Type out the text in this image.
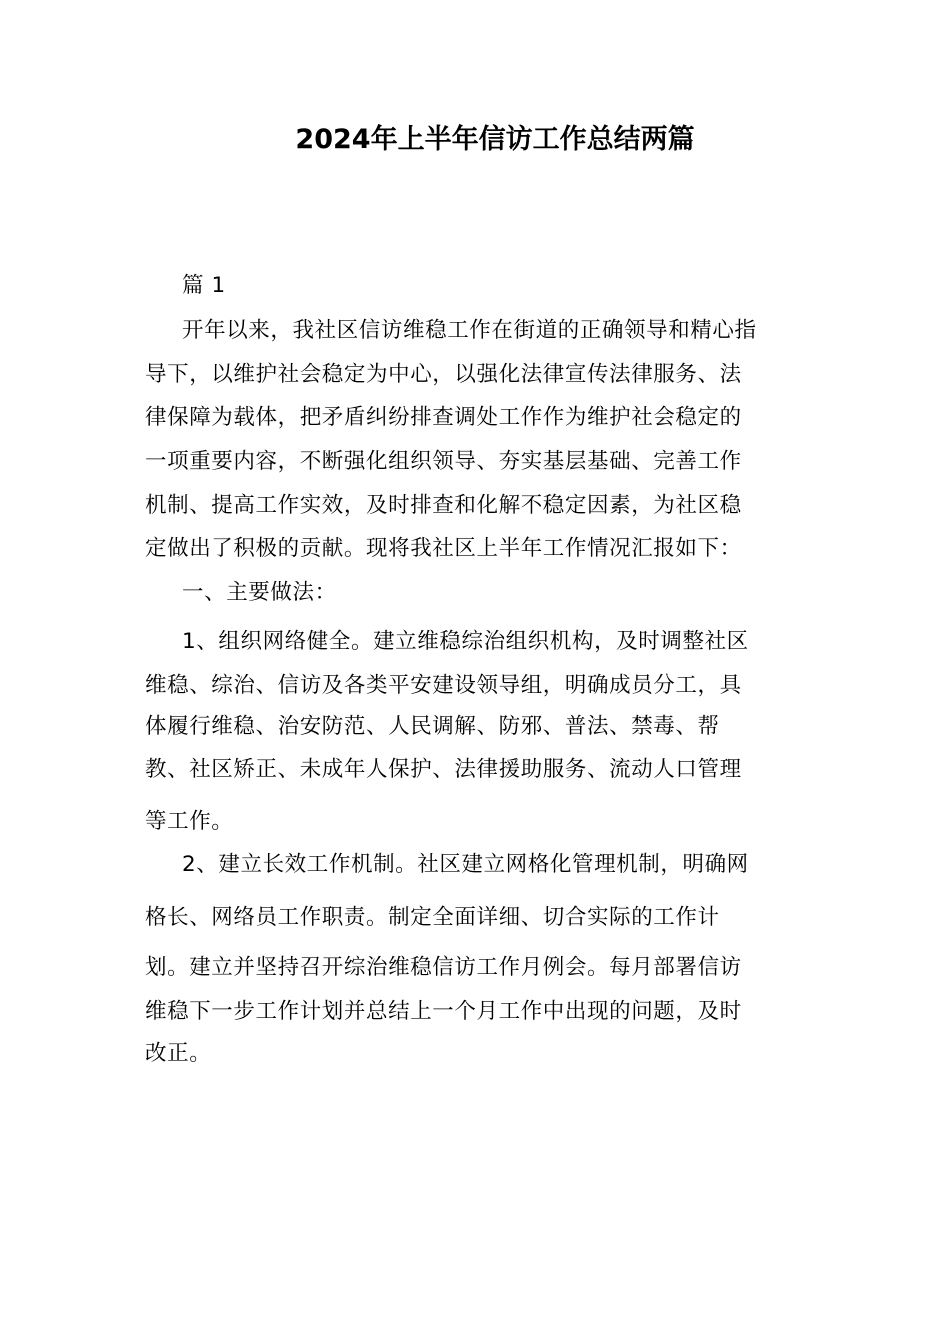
2024年上半年信访工作总结两篇
篇 1
开年以来，我社区信访维稳工作在街道的正确领导和精心指
导下，以维护社会稳定为中心，以强化法律宣传法律服务、法
律保障为载体，把矛盾纠纷排查调处工作作为维护社会稳定的
一项重要内容，不断强化组织领导、夯实基层基础、完善工作
机制、提高工作实效，及时排查和化解不稳定因素，为社区稳
定做出了积极的贡献。现将我社区上半年工作情况汇报如下：
一、主要做法：
1、组织网络健全。建立维稳综治组织机构，及时调整社区
维稳、综治、信访及各类平安建设领导组，明确成员分工，具
体履行维稳、治安防范、人民调解、防邪、普法、禁毒、帮
教、社区矫正、未成年人保护、法律援助服务、流动人口管理
等工作。
2、建立长效工作机制。社区建立网格化管理机制，明确网
格长、网络员工作职责。制定全面详细、切合实际的工作计
划。建立并坚持召开综治维稳信访工作月例会。每月部署信访
维稳下一步工作计划并总结上一个月工作中出现的问题，及时
改正。
